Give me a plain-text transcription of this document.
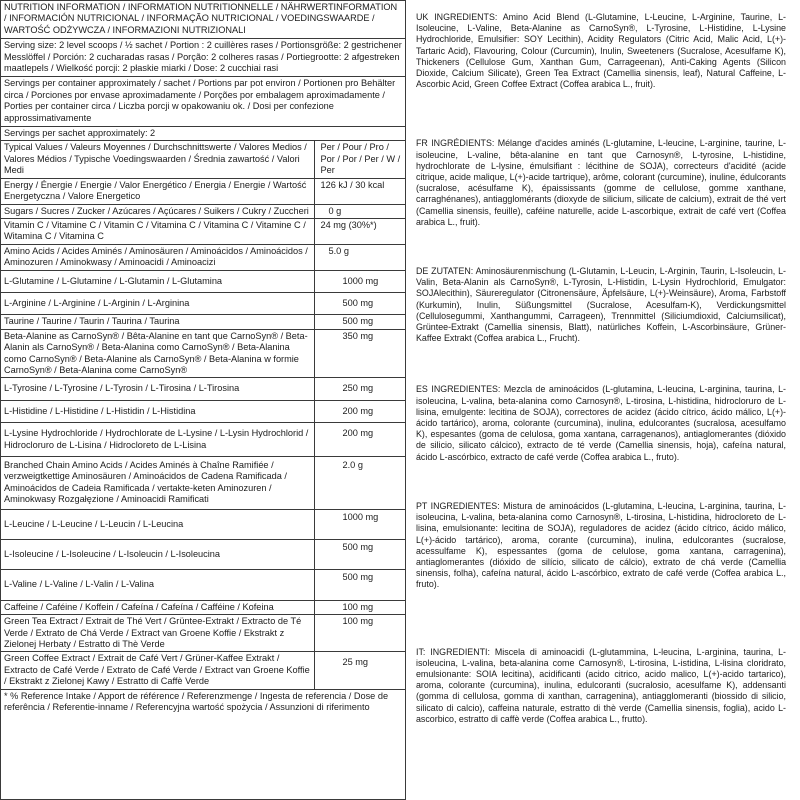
NUTRITION INFORMATION / INFORMATION NUTRITIONNELLE / NÄHRWERTINFORMATION / INFORMACIÓN NUTRICIONAL / INFORMAÇÃO NUTRICIONAL / VOEDINGSWAARDE / WARTOŚĆ ODŻYWCZA / INFORMAZIONI NUTRIZIONALI
Serving size: 2 level scoops / ½ sachet / Portion : 2 cuillères rases / Portionsgröße: 2 gestrichener Messlöffel / Porción: 2 cucharadas rasas / Porção: 2 colheres rasas / Portiegrootte: 2 afgestreken maatlepels / Wielkość porcji: 2 płaskie miarki / Dose: 2 cucchiai rasi
Servings per container approximately / sachet / Portions par pot environ / Portionen pro Behälter circa / Porciones por envase aproximadamente / Porções por embalagem aproximadamente / Porties per container circa / Liczba porcji w opakowaniu ok. / Dosi per confezione approssimativamente
Servings per sachet approximately: 2
Typical Values / Valeurs Moyennes / Durchschnittswerte / Valores Medios / Valores Médios / Typische Voedingswaarden / Średnia zawartość / Valori Medi	Per / Pour / Pro / Por / Por / Per / W / Per
Energy / Énergie / Energie / Valor Energético / Energia / Energie / Wartość Energetyczna / Valore Energetico	126 kJ / 30 kcal
Sugars / Sucres / Zucker / Azúcares / Açúcares / Suikers / Cukry / Zuccheri	0 g
Vitamin C / Vitamine C / Vitamin C / Vitamina C / Vitamina C / Vitamine C / Witamina C / Vitamina C	24 mg (30%*)
Amino Acids / Acides Aminés / Aminosäuren / Aminoácidos / Aminoácidos / Aminozuren / Aminokwasy / Aminoacidi / Aminoacizi	5.0 g
L-Glutamine / L-Glutamine / L-Glutamin / L-Glutamina	1000 mg
L-Arginine / L-Arginine / L-Arginin / L-Arginina	500 mg
Taurine / Taurine / Taurin / Taurina / Taurina	500 mg
Beta-Alanine as CarnoSyn® / Bêta-Alanine en tant que CarnoSyn® / Beta-Alanin als CarnoSyn® / Beta-Alanina como CarnoSyn® / Beta-Alanina como CarnoSyn® / Beta-Alanine als CarnoSyn® / Beta-Alanina w formie CarnoSyn® / Beta-Alanina come CarnoSyn®	350 mg
L-Tyrosine / L-Tyrosine / L-Tyrosin / L-Tirosina / L-Tirosina	250 mg
L-Histidine / L-Histidine / L-Histidin / L-Histidina	200 mg
L-Lysine Hydrochloride / Hydrochlorate de L-Lysine / L-Lysin Hydrochlorid / Hidrocloruro de L-Lisina / Hidrocloreto de L-Lisina	200 mg
Branched Chain Amino Acids / Acides Aminés à Chaîne Ramifiée / verzweigtkettige Aminosäuren / Aminoácidos de Cadena Ramificada / Aminoácidos de Cadeia Ramificada / vertakte-keten Aminozuren / Aminokwasy Rozgałęzione / Aminoacidi Ramificati	2.0 g
L-Leucine / L-Leucine / L-Leucin / L-Leucina	1000 mg
L-Isoleucine / L-Isoleucine / L-Isoleucin / L-Isoleucina	500 mg
L-Valine / L-Valine / L-Valin / L-Valina	500 mg
Caffeine / Caféine / Koffein / Cafeína / Cafeína / Cafféine / Kofeina	100 mg
Green Tea Extract / Extrait de Thé Vert / Grüntee-Extrakt / Extracto de Té Verde / Extrato de Chá Verde / Extract van Groene Koffie / Ekstrakt z Zielonej Herbaty / Estratto di Thè Verde	100 mg
Green Coffee Extract / Extrait de Café Vert / Grüner-Kaffee Extrakt / Extracto de Café Verde / Extrato de Café Verde / Extract van Groene Koffie / Ekstrakt z Zielonej Kawy / Estratto di Caffè Verde	25 mg
* % Reference Intake / Apport de référence / Referenzmenge / Ingesta de referencia / Dose de referência / Referentie-inname / Referencyjna wartość spożycia / Assunzioni di riferimento

UK INGREDIENTS: Amino Acid Blend (L-Glutamine, L-Leucine, L-Arginine, Taurine, L-Isoleucine, L-Valine, Beta-Alanine as CarnoSyn®, L-Tyrosine, L-Histidine, L-Lysine Hydrochloride, Emulsifier: SOY Lecithin), Acidity Regulators (Citric Acid, Malic Acid, L(+)-Tartaric Acid), Flavouring, Colour (Curcumin), Inulin, Sweeteners (Sucralose, Acesulfame K), Thickeners (Cellulose Gum, Xanthan Gum, Carrageenan), Anti-Caking Agents (Silicon Dioxide, Calcium Silicate), Green Tea Extract (Camellia sinensis, leaf), Natural Caffeine, L-Ascorbic Acid, Green Coffee Extract (Coffea arabica L., fruit).

FR INGRÉDIENTS: Mélange d'acides aminés (L-glutamine, L-leucine, L-arginine, taurine, L-isoleucine, L-valine, bêta-alanine en tant que Carnosyn®, L-tyrosine, L-histidine, hydrochlorate de L-lysine, émulsifiant : lécithine de SOJA), correcteurs d'acidité (acide citrique, acide malique, L(+)-acide tartrique), arôme, colorant (curcumine), inuline, édulcorants (sucralose, acésulfame K), épaississants (gomme de cellulose, gomme xanthane, carraghénanes), antiagglomérants (dioxyde de silicium, silicate de calcium), extrait de thé vert (Camellia sinensis, feuille), caféine naturelle, acide L-ascorbique, extrait de café vert (Coffea arabica L., fruit).

DE ZUTATEN: Aminosäurenmischung (L-Glutamin, L-Leucin, L-Arginin, Taurin, L-Isoleucin, L-Valin, Beta-Alanin als CarnoSyn®, L-Tyrosin, L-Histidin, L-Lysin Hydrochlorid, Emulgator: SOJAlecithin), Säureregulator (Citronensäure, Äpfelsäure, L(+)-Weinsäure), Aroma, Farbstoff (Kurkumin), Inulin, Süßungsmittel (Sucralose, Acesulfam-K), Verdickungsmittel (Cellulosegummi, Xanthangummi, Carrageen), Trennmittel (Siliciumdioxid, Calciumsilicat), Grüntee-Extrakt (Camellia sinensis, Blatt), natürliches Koffein, L-Ascorbinsäure, Grüner-Kaffee Extrakt (Coffea arabica L., Frucht).

ES INGREDIENTES: Mezcla de aminoácidos (L-glutamina, L-leucina, L-arginina, taurina, L-isoleucina, L-valina, beta-alanina como Carnosyn®, L-tirosina, L-histidina, hidrocloruro de L-lisina, emulgente: lecitina de SOJA), correctores de acidez (ácido cítrico, ácido málico, L(+)-ácido tartárico), aroma, colorante (curcumina), inulina, edulcorantes (sucralosa, acesulfamo K), espesantes (goma de celulosa, goma xantana, carragenanos), antiaglomerantes (dióxido de silicio, silicato cálcico), extracto de té verde (Camellia sinensis, hoja), cafeína natural, ácido L-ascórbico, extracto de café verde (Coffea arabica L., fruto).

PT INGREDIENTES: Mistura de aminoácidos (L-glutamina, L-leucina, L-arginina, taurina, L-isoleucina, L-valina, beta-alanina como Carnosyn®, L-tirosina, L-histidina, hidrocloreto de L-lisina, emulsionante: lecitina de SOJA), reguladores de acidez (ácido cítrico, ácido málico, L(+)-ácido tartárico), aroma, corante (curcumina), inulina, edulcorantes (sucralose, acessulfame K), espessantes (goma de celulose, goma xantana, carragenina), antiaglomerantes (dióxido de silício, silicato de cálcio), extrato de chá verde (Camellia sinensis, folha), cafeína natural, ácido L-ascórbico, extrato de café verde (Coffea arabica L., fruto).

IT: INGREDIENTI: Miscela di aminoacidi (L-glutammina, L-leucina, L-arginina, taurina, L-isoleucina, L-valina, beta-alanina come Carnosyn®, L-tirosina, L-istidina, L-lisina cloridrato, emulsionante: SOIA lecitina), acidificanti (acido citrico, acido malico, L(+)-acido tartarico), aroma, colorante (curcumina), inulina, edulcoranti (sucralosio, acesulfame K), addensanti (gomma di cellulosa, gomma di xanthan, carragenina), antiagglomeranti (biossido di silicio, silicato di calcio), caffeina naturale, estratto di thè verde (Camellia sinensis, foglia), acido L-ascorbico, estratto di caffè verde (Coffea arabica L., frutto).
